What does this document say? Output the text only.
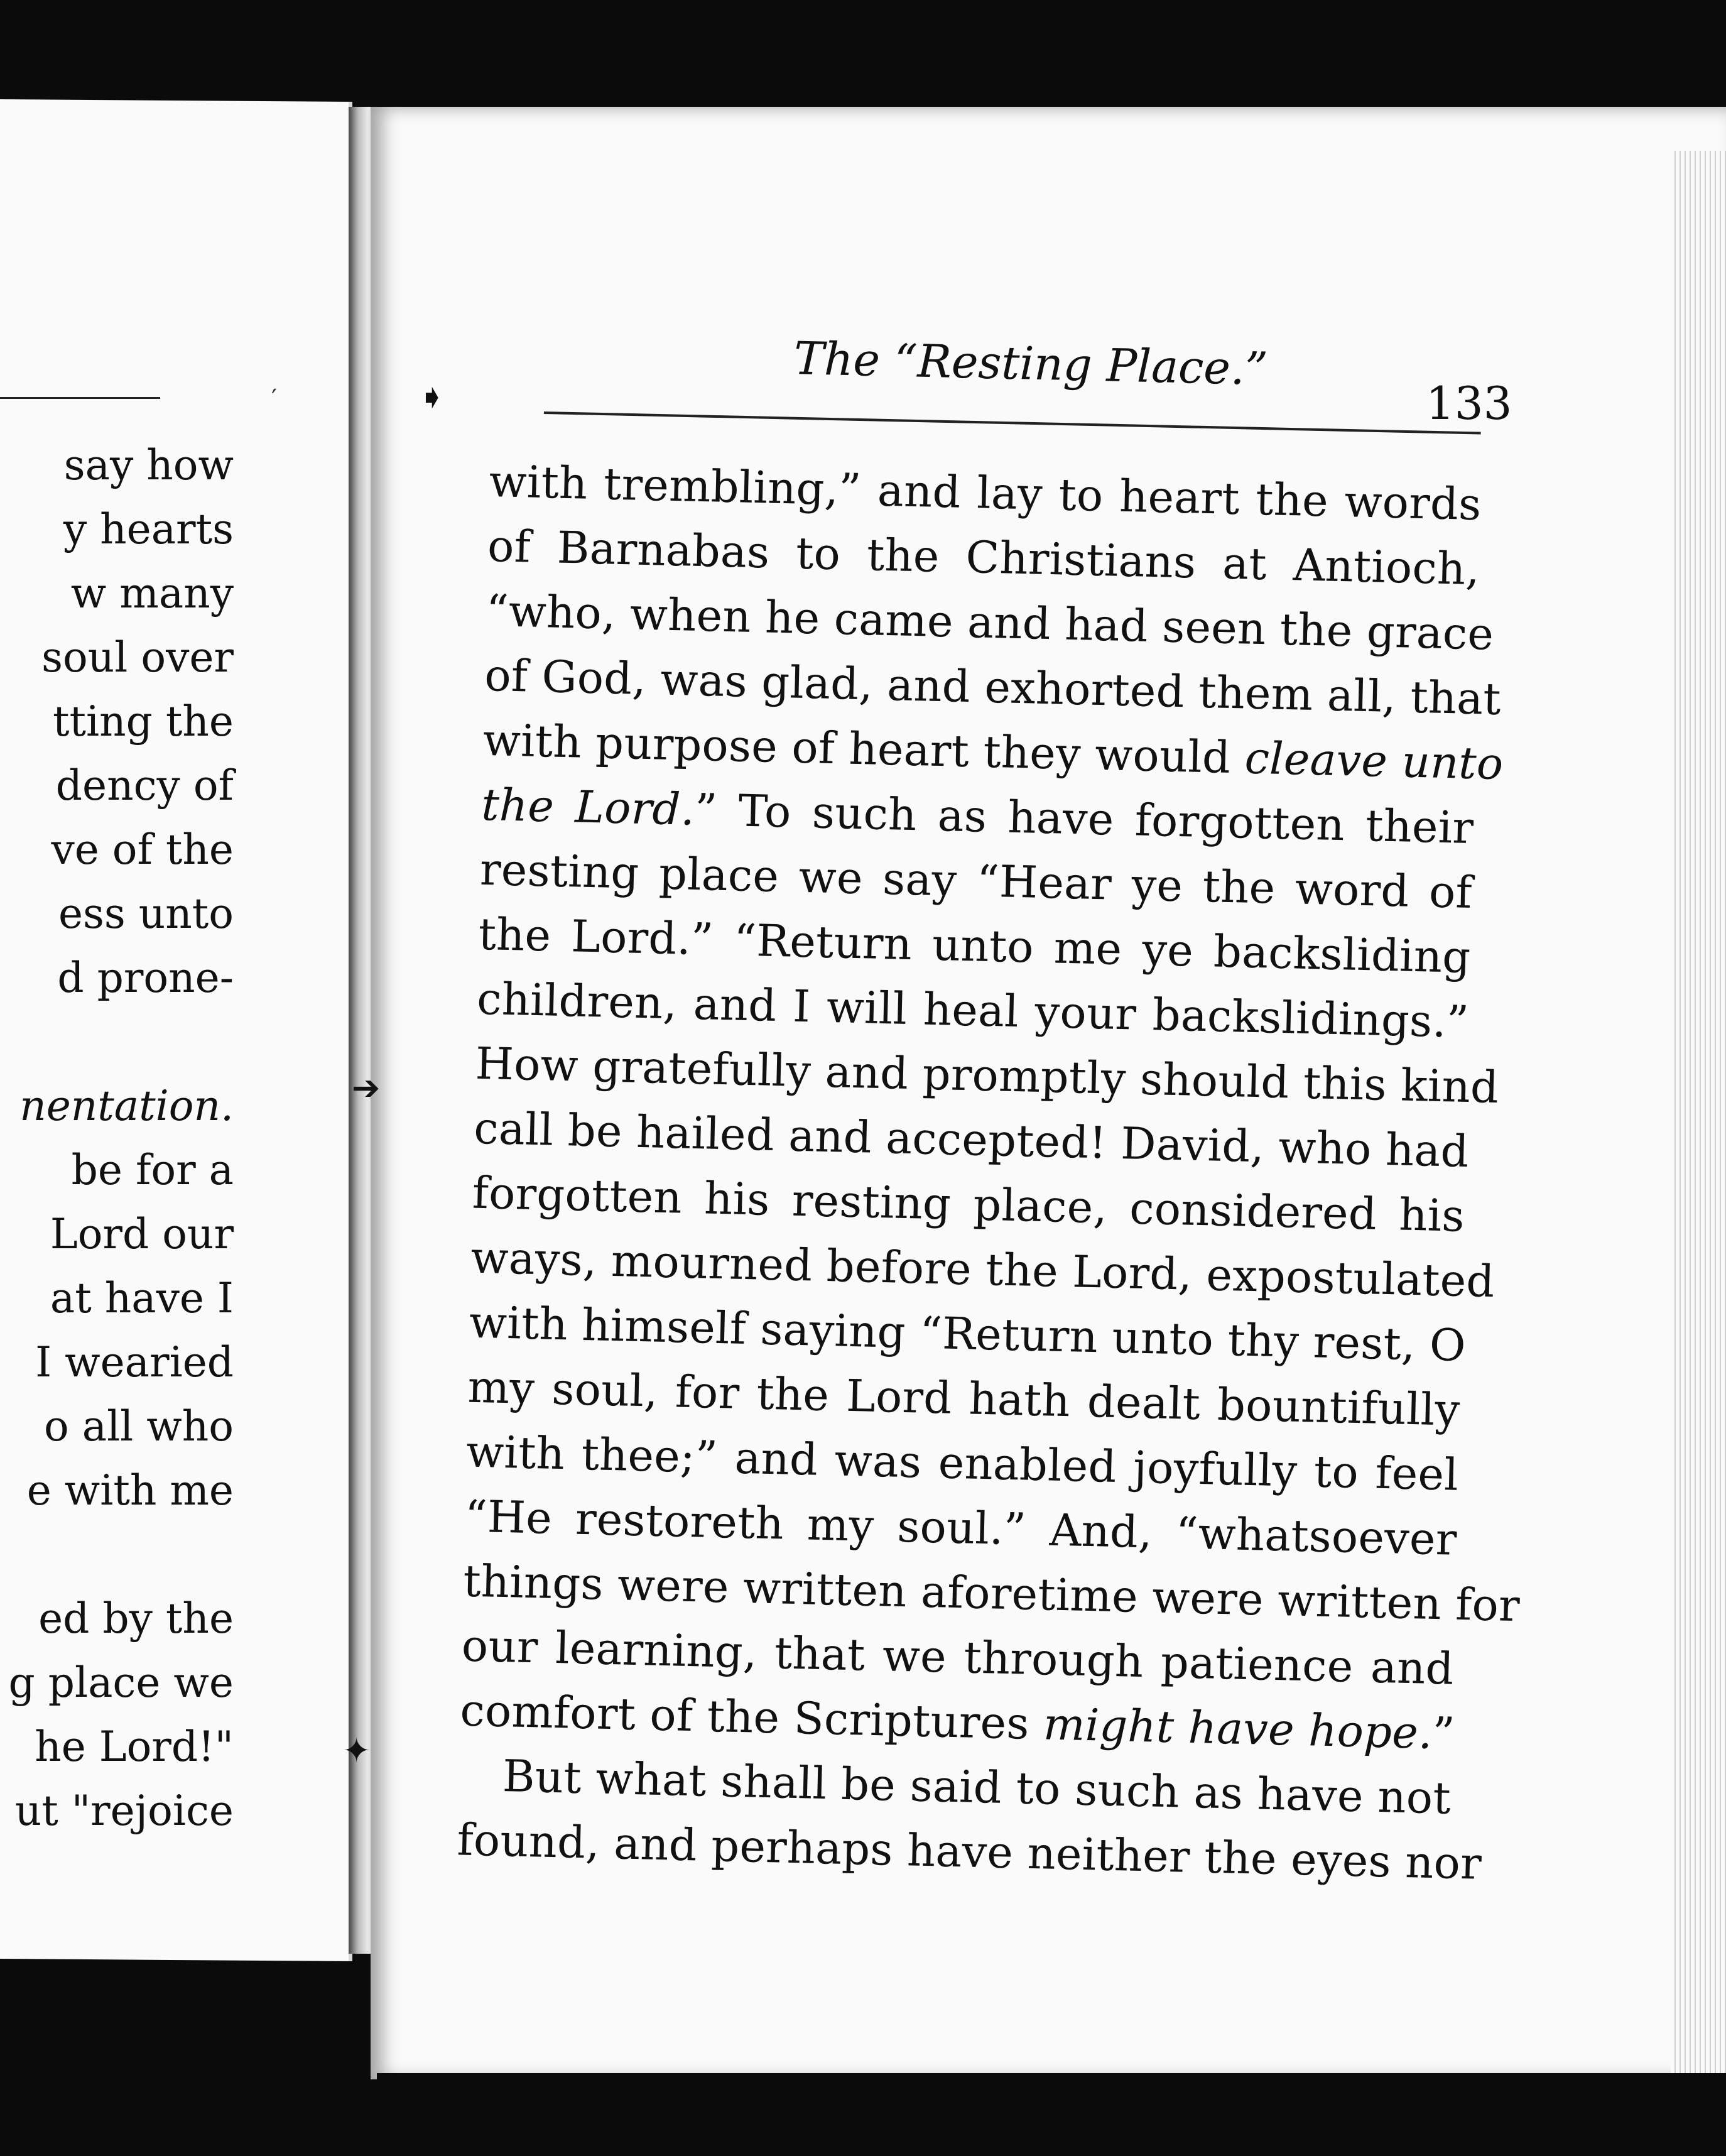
′
say how
y hearts
w many
soul over
tting the
dency of
ve of the
ess unto
d prone-

nentation.
be for a
Lord our
at have I
I wearied
o all who
e with me

ed by the
g place we
he Lord!"
ut "rejoice
➧
➔
✦
The “Resting Place.”
133
with trembling,” and lay to heart the words
of Barnabas to the Christians at Antioch,
“who, when he came and had seen the grace
of God, was glad, and exhorted them all, that
with purpose of heart they would cleave unto
the Lord.” To such as have forgotten their
resting place we say “Hear ye the word of
the Lord.” “Return unto me ye backsliding
children, and I will heal your backslidings.”
How gratefully and promptly should this kind
call be hailed and accepted! David, who had
forgotten his resting place, considered his
ways, mourned before the Lord, expostulated
with himself saying “Return unto thy rest, O
my soul, for the Lord hath dealt bountifully
with thee;” and was enabled joyfully to feel
“He restoreth my soul.” And, “whatsoever
things were written aforetime were written for
our learning, that we through patience and
comfort of the Scriptures might have hope.”
But what shall be said to such as have not
found, and perhaps have neither the eyes nor
